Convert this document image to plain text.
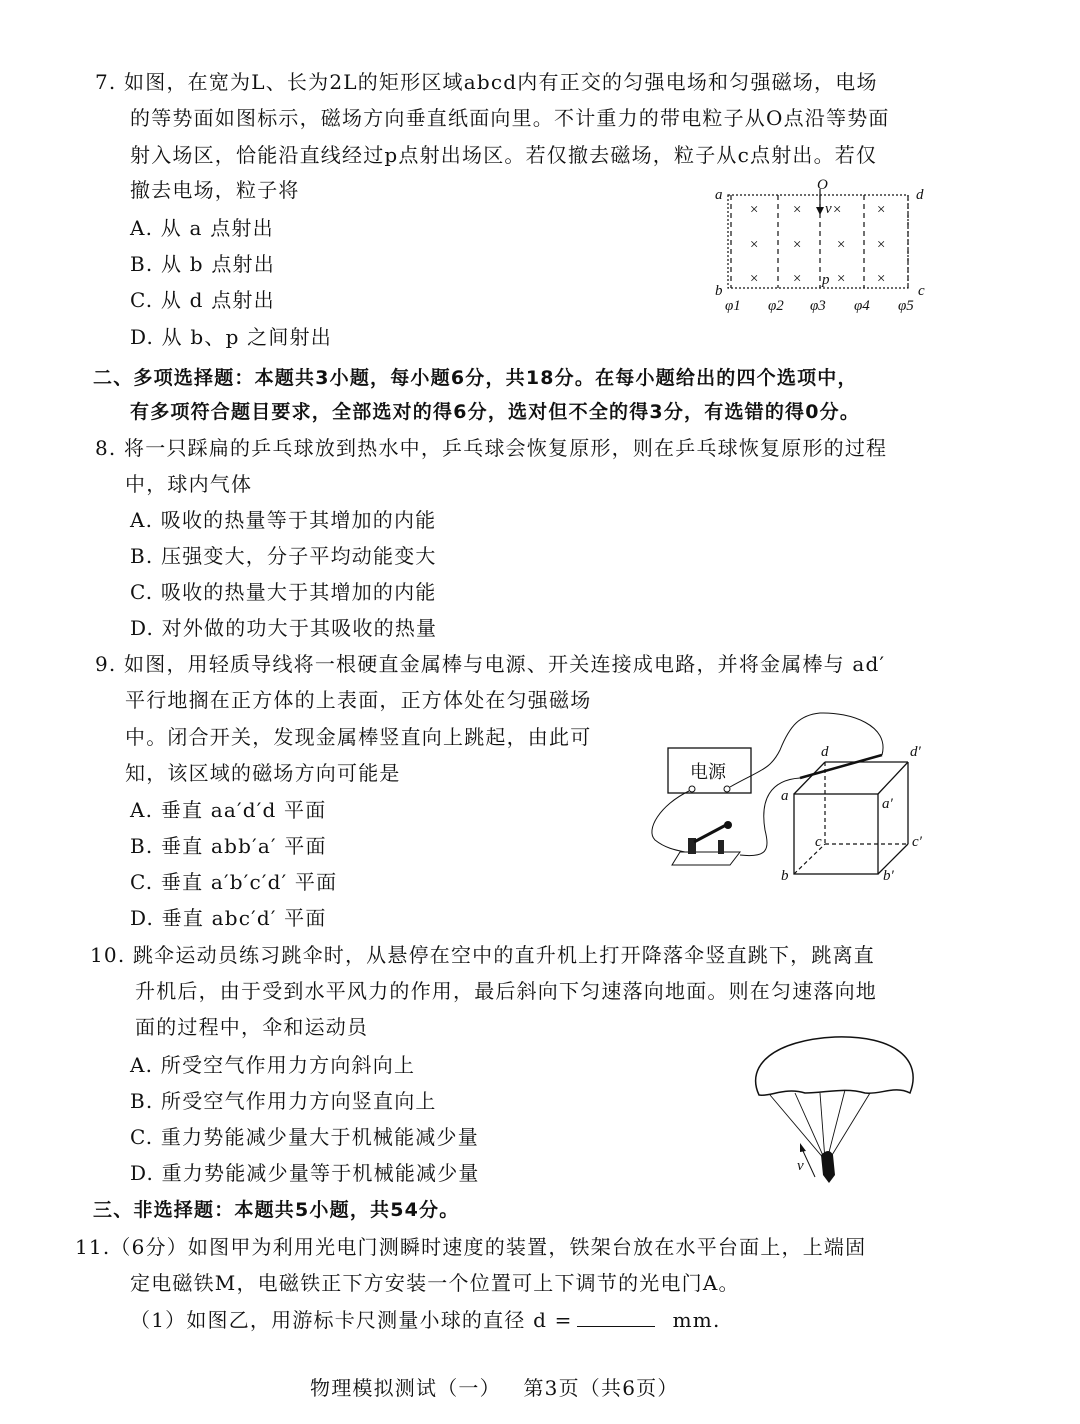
7. 如图，在宽为L、长为2L的矩形区域abcd内有正交的匀强电场和匀强磁场，电场
的等势面如图标示，磁场方向垂直纸面向里。不计重力的带电粒子从O点沿等势面
射入场区，恰能沿直线经过p点射出场区。若仅撤去磁场，粒子从c点射出。若仅
撤去电场，粒子将
A. 从 a 点射出
B. 从 b 点射出
C. 从 d 点射出
D. 从 b、p 之间射出
× × × ×
× × × ×
× × × ×
a
b	c
d
O
v
p
φ1 φ2 φ3 φ4 φ5
二、多项选择题：本题共3小题，每小题6分，共18分。在每小题给出的四个选项中，
有多项符合题目要求，全部选对的得6分，选对但不全的得3分，有选错的得0分。
8. 将一只踩扁的乒乓球放到热水中，乒乓球会恢复原形，则在乒乓球恢复原形的过程
中，球内气体
A. 吸收的热量等于其增加的内能
B. 压强变大，分子平均动能变大
C. 吸收的热量大于其增加的内能
D. 对外做的功大于其吸收的热量
9. 如图，用轻质导线将一根硬直金属棒与电源、开关连接成电路，并将金属棒与 ad′
平行地搁在正方体的上表面，正方体处在匀强磁场
中。闭合开关，发现金属棒竖直向上跳起，由此可
知，该区域的磁场方向可能是
A. 垂直 aa′d′d 平面
B. 垂直 abb′a′ 平面
C. 垂直 a′b′c′d′ 平面
D. 垂直 abc′d′ 平面
电源
d	d′
a	a′
c	c′
b	b′
10. 跳伞运动员练习跳伞时，从悬停在空中的直升机上打开降落伞竖直跳下，跳离直
升机后，由于受到水平风力的作用，最后斜向下匀速落向地面。则在匀速落向地
面的过程中，伞和运动员
A. 所受空气作用力方向斜向上
B. 所受空气作用力方向竖直向上
C. 重力势能减少量大于机械能减少量
D. 重力势能减少量等于机械能减少量	v
三、非选择题：本题共5小题，共54分。
11.（6分）如图甲为利用光电门测瞬时速度的装置，铁架台放在水平台面上，上端固
定电磁铁M，电磁铁正下方安装一个位置可上下调节的光电门A。
（1）如图乙，用游标卡尺测量小球的直径 d =	mm.
物理模拟测试（一）   第3页（共6页）
